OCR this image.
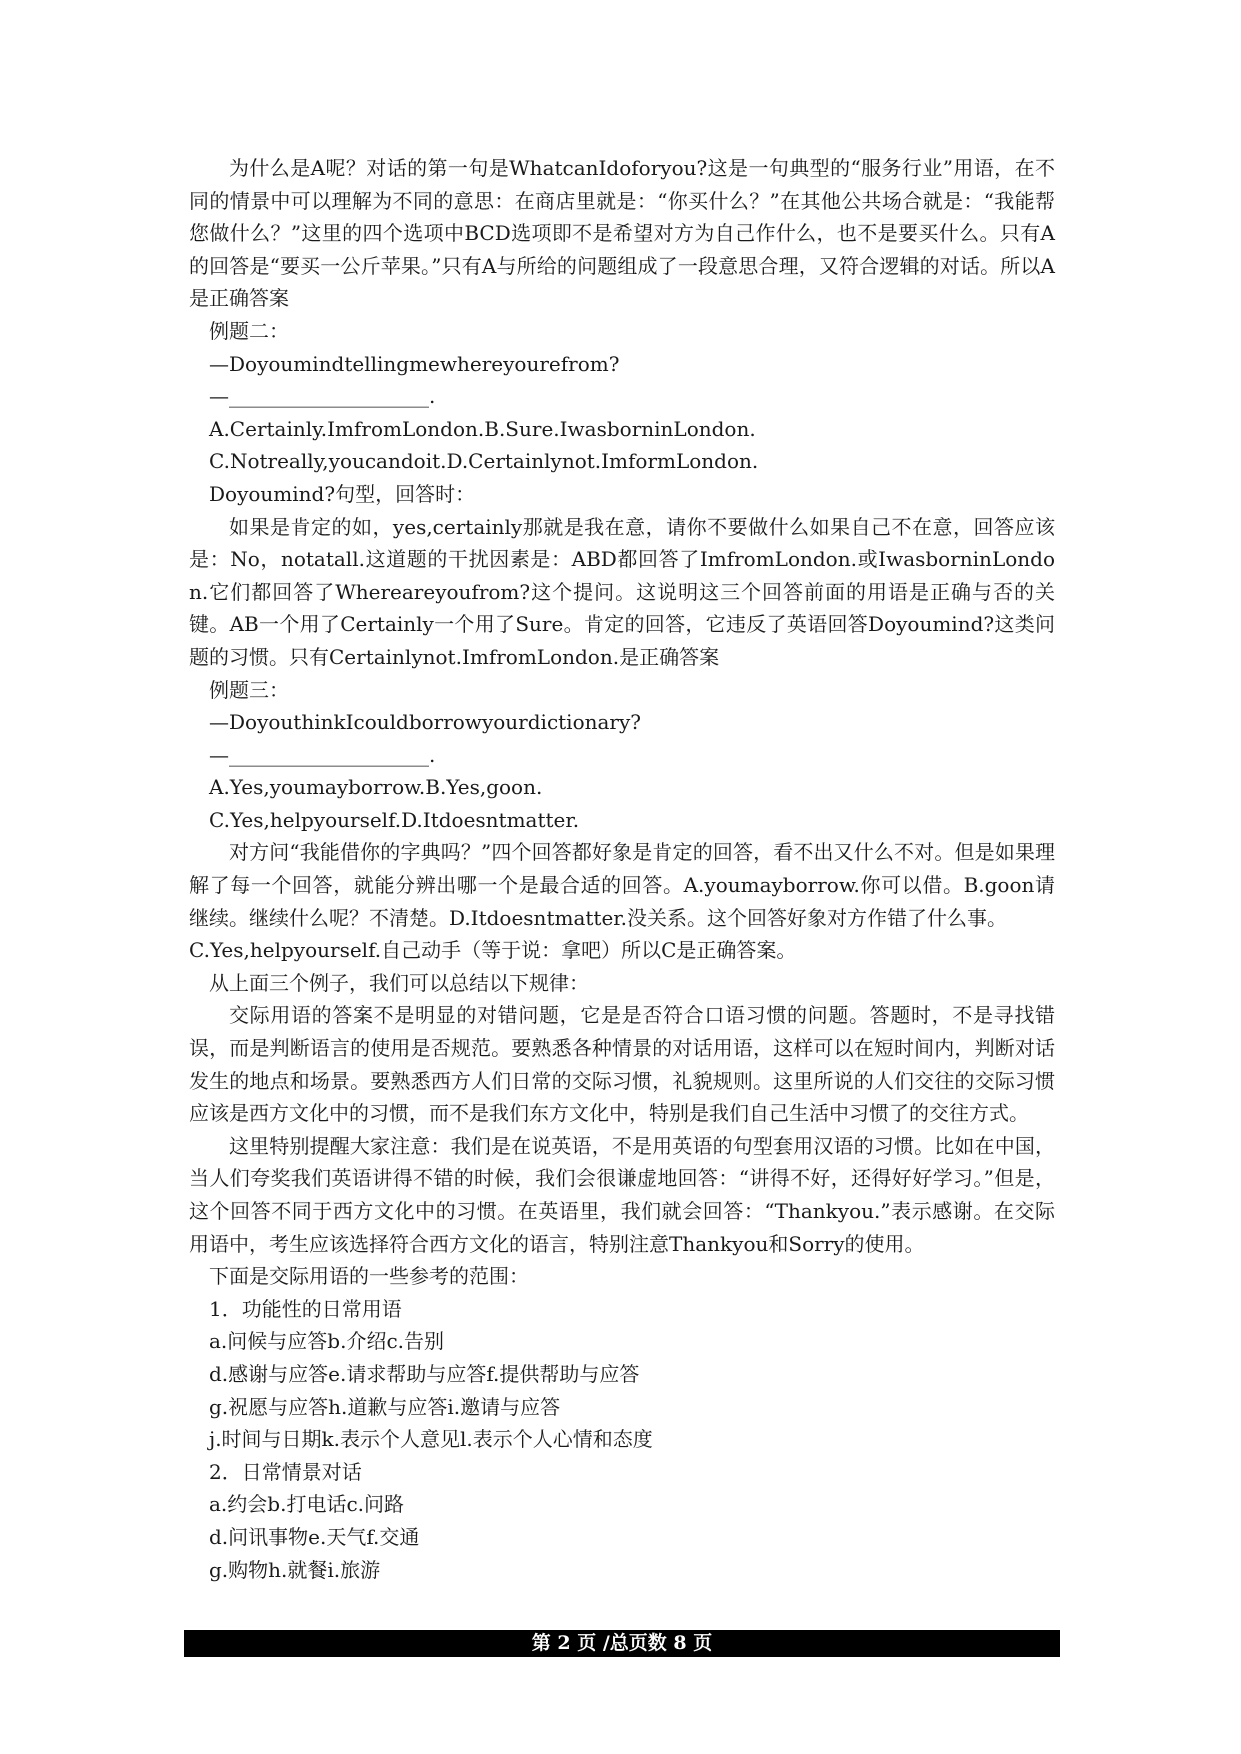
为什么是A呢？对话的第一句是WhatcanIdoforyou?这是一句典型的“服务行业”用语，在不同的情景中可以理解为不同的意思：在商店里就是：“你买什么？”在其他公共场合就是：“我能帮您做什么？”这里的四个选项中BCD选项即不是希望对方为自己作什么，也不是要买什么。只有A的回答是“要买一公斤苹果。”只有A与所给的问题组成了一段意思合理，又符合逻辑的对话。所以A是正确答案

例题二：

—Doyoumindtellingmewhereyourefrom?

—____________________.

A.Certainly.ImfromLondon.B.Sure.IwasborninLondon.

C.Notreally,youcandoit.D.Certainlynot.ImformLondon.

Doyoumind?句型，回答时：

如果是肯定的如，yes,certainly那就是我在意，请你不要做什么如果自己不在意，回答应该是：No，notatall.这道题的干扰因素是：ABD都回答了ImfromLondon.或IwasborninLondon.它们都回答了Whereareyoufrom?这个提问。这说明这三个回答前面的用语是正确与否的关键。AB一个用了Certainly一个用了Sure。肯定的回答，它违反了英语回答Doyoumind?这类问题的习惯。只有Certainlynot.ImfromLondon.是正确答案

例题三：

—DoyouthinkIcouldborrowyourdictionary?

—____________________.

A.Yes,youmayborrow.B.Yes,goon.

C.Yes,helpyourself.D.Itdoesntmatter.

对方问“我能借你的字典吗？”四个回答都好象是肯定的回答，看不出又什么不对。但是如果理解了每一个回答，就能分辨出哪一个是最合适的回答。A.youmayborrow.你可以借。B.goon请继续。继续什么呢？不清楚。D.Itdoesntmatter.没关系。这个回答好象对方作错了什么事。

C.Yes,helpyourself.自己动手（等于说：拿吧）所以C是正确答案。

从上面三个例子，我们可以总结以下规律：

交际用语的答案不是明显的对错问题，它是是否符合口语习惯的问题。答题时，不是寻找错误，而是判断语言的使用是否规范。要熟悉各种情景的对话用语，这样可以在短时间内，判断对话发生的地点和场景。要熟悉西方人们日常的交际习惯，礼貌规则。这里所说的人们交往的交际习惯应该是西方文化中的习惯，而不是我们东方文化中，特别是我们自己生活中习惯了的交往方式。

这里特别提醒大家注意：我们是在说英语，不是用英语的句型套用汉语的习惯。比如在中国，当人们夸奖我们英语讲得不错的时候，我们会很谦虚地回答：“讲得不好，还得好好学习。”但是，这个回答不同于西方文化中的习惯。在英语里，我们就会回答：“Thankyou.”表示感谢。在交际用语中，考生应该选择符合西方文化的语言，特别注意Thankyou和Sorry的使用。

下面是交际用语的一些参考的范围：

1．功能性的日常用语

a.问候与应答b.介绍c.告别

d.感谢与应答e.请求帮助与应答f.提供帮助与应答

g.祝愿与应答h.道歉与应答i.邀请与应答

j.时间与日期k.表示个人意见l.表示个人心情和态度

2．日常情景对话

a.约会b.打电话c.问路

d.问讯事物e.天气f.交通

g.购物h.就餐i.旅游

第 2 页 /总页数 8 页
